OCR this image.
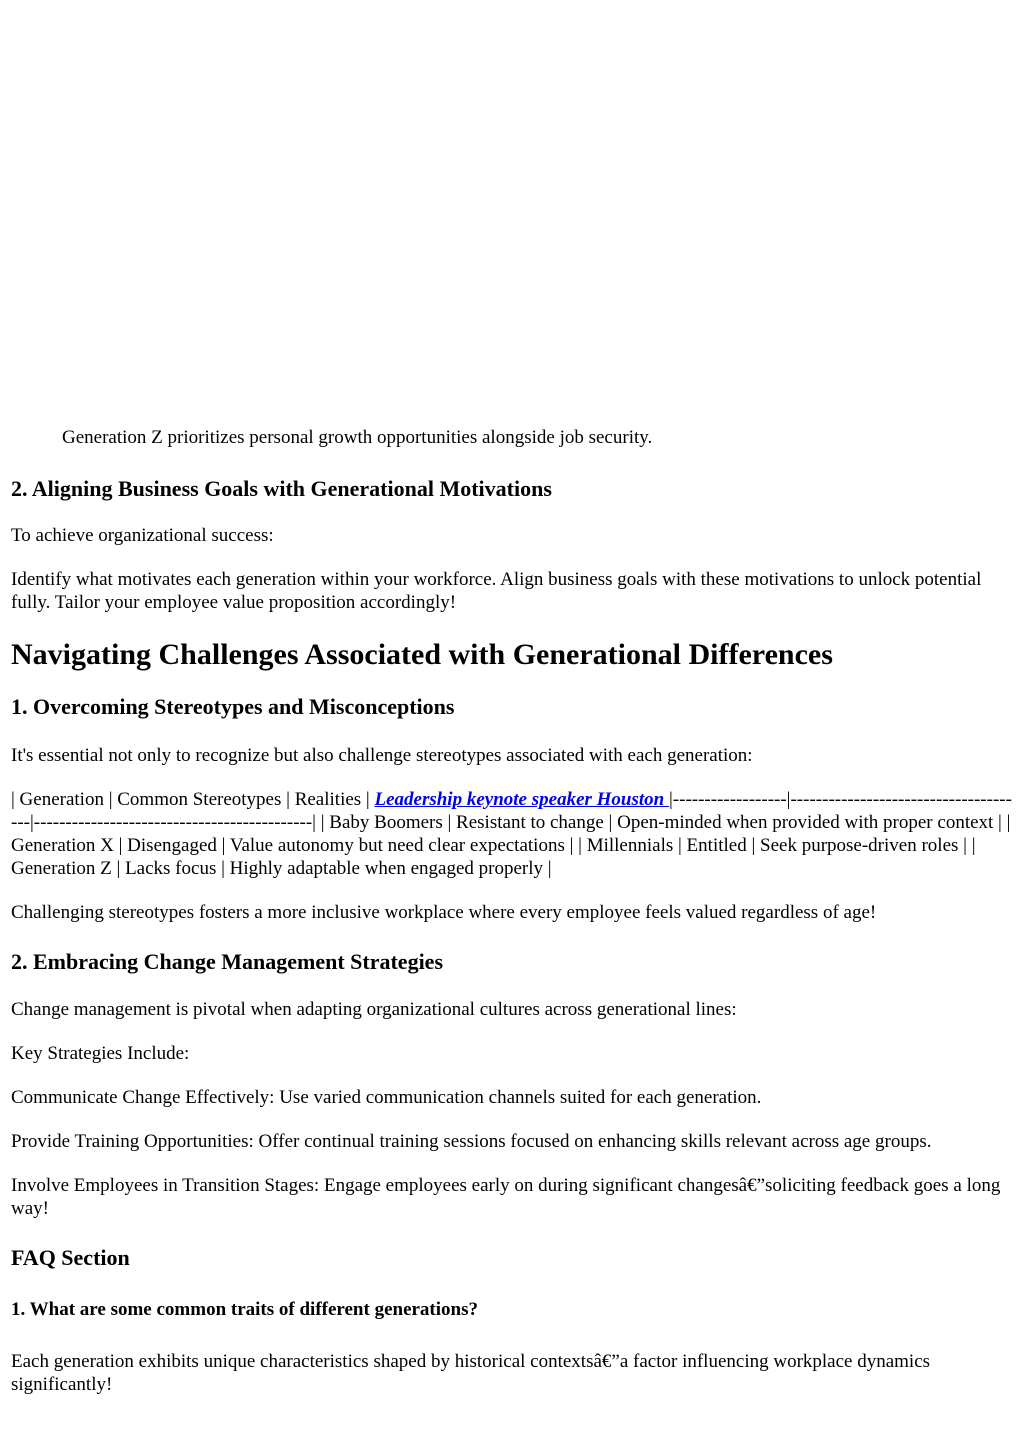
Generation Z prioritizes personal growth opportunities alongside job security.
2. Aligning Business Goals with Generational Motivations

To achieve organizational success:

Identify what motivates each generation within your workforce. Align business goals with these motivations to unlock potential fully. Tailor your employee value proposition accordingly!

Navigating Challenges Associated with Generational Differences
1. Overcoming Stereotypes and Misconceptions

It's essential not only to recognize but also challenge stereotypes associated with each generation:

| Generation | Common Stereotypes | Realities | Leadership keynote speaker Houston |------------------|--------------------------------------|--------------------------------------------| | Baby Boomers | Resistant to change | Open-minded when provided with proper context | | Generation X | Disengaged | Value autonomy but need clear expectations | | Millennials | Entitled | Seek purpose-driven roles | | Generation Z | Lacks focus | Highly adaptable when engaged properly |

Challenging stereotypes fosters a more inclusive workplace where every employee feels valued regardless of age!

2. Embracing Change Management Strategies

Change management is pivotal when adapting organizational cultures across generational lines:

Key Strategies Include:

Communicate Change Effectively: Use varied communication channels suited for each generation.

Provide Training Opportunities: Offer continual training sessions focused on enhancing skills relevant across age groups.

Involve Employees in Transition Stages: Engage employees early on during significant changesâ€”soliciting feedback goes a long way!

FAQ Section
1. What are some common traits of different generations?

Each generation exhibits unique characteristics shaped by historical contextsâ€”a factor influencing workplace dynamics significantly!
